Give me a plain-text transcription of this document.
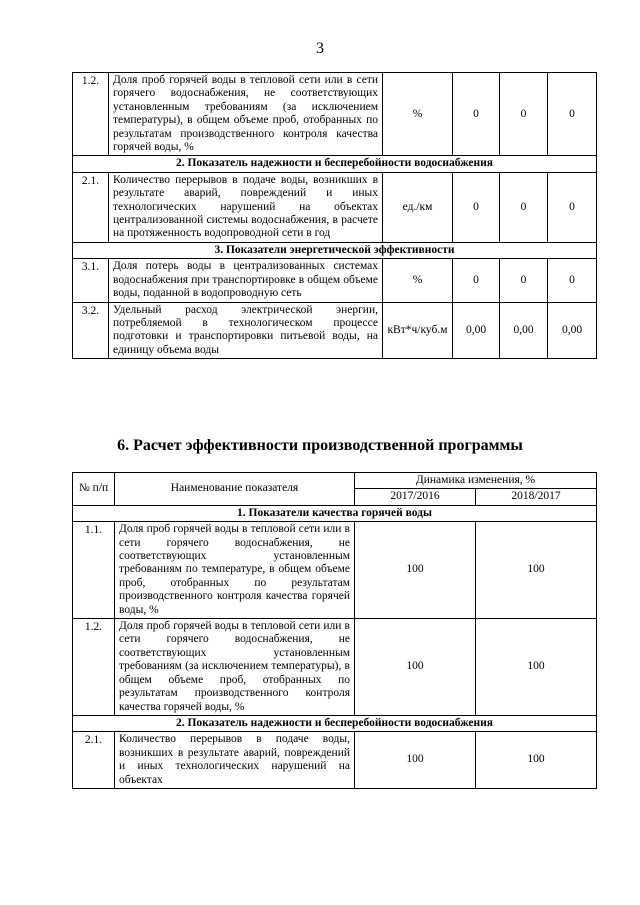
3
1.2.	Доля проб горячей воды в тепловой сети или в сети горячего водоснабжения, не соответствующих установленным требованиям (за исключением температуры), в общем объеме проб, отобранных по результатам производственного контроля качества горячей воды, %	%	0	0	0
2. Показатель надежности и бесперебойности водоснабжения					
2.1.	Количество перерывов в подаче воды, возникших в результате аварий, повреждений и иных технологических нарушений на объектах централизованной системы водоснабжения, в расчете на протяженность водопроводной сети в год	ед./км	0	0	0
3. Показатели энергетической эффективности					
3.1.	Доля потерь воды в централизованных системах водоснабжения при транспортировке в общем объеме воды, поданной в водопроводную сеть	%	0	0	0
3.2.	Удельный расход электрической энергии, потребляемой в технологическом процессе подготовки и транспортировки питьевой воды, на единицу объема воды	кВт*ч/куб.м	0,00	0,00	0,00
6. Расчет эффективности производственной программы
№ п/п	Наименование показателя	Динамика изменения, %	
		2017/2016	2018/2017
1. Показатели качества горячей воды			
1.1.	Доля проб горячей воды в тепловой сети или в сети горячего водоснабжения, не соответствующих установленным требованиям по температуре, в общем объеме проб, отобранных по результатам производственного контроля качества горячей воды, %	100	100
1.2.	Доля проб горячей воды в тепловой сети или в сети горячего водоснабжения, не соответствующих установленным требованиям (за исключением температуры), в общем объеме проб, отобранных по результатам производственного контроля качества горячей воды, %	100	100
2. Показатель надежности и бесперебойности водоснабжения			
2.1.	Количество перерывов в подаче воды, возникших в результате аварий, повреждений и иных технологических нарушений на объектах	100	100
